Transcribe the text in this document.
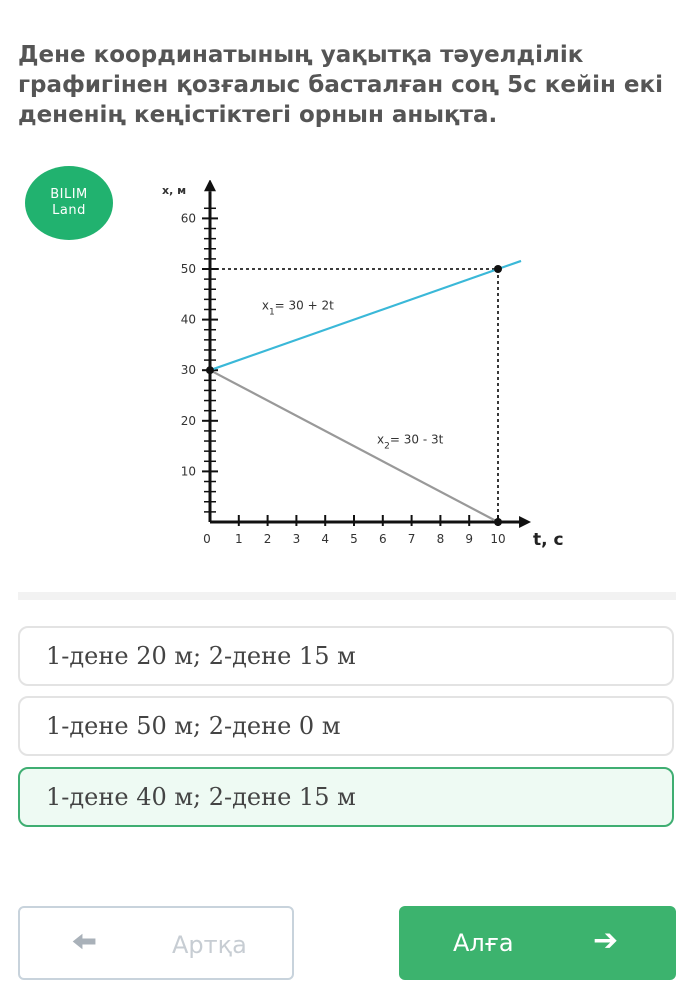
Дене координатының уақытқа тәуелділік графигінен қозғалыс басталған соң 5с кейін екі дененің кеңістіктегі орнын анықта.

BILIM
Land
0 1 2 3 4 5 6 7 8 9 10
10
20
30
40
50
60
x, м
t, c
$x_1= 30 + 2t$
$x_2= 30 - 3t$
1-дене 20 м; 2-дене 15 м
1-дене 50 м; 2-дене 0 м
1-дене 40 м; 2-дене 15 м
🠨	Артқа	Алға	➔
